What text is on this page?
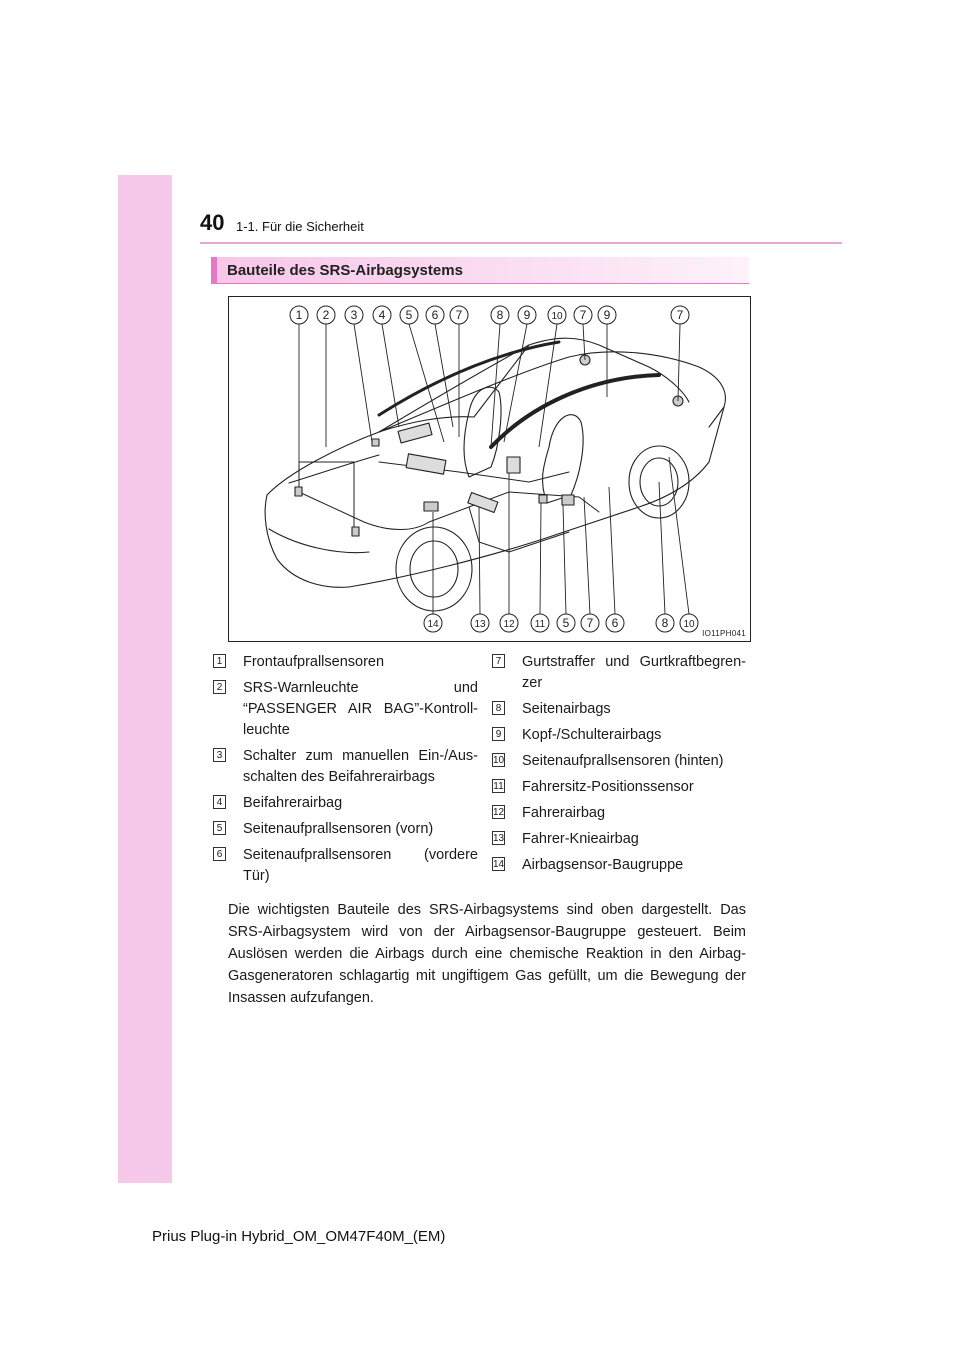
40 1-1. Für die Sicherheit
Bauteile des SRS-Airbagsystems
1 2 3 4 5 6 7	8 9 10 7 9	7
14	13 12 11 5 7 6	8 10
IO11PH041
1 Frontaufprallsensoren
2 SRS-Warnleuchte und “PASSENGER AIR BAG”-Kontroll-leuchte
3 Schalter zum manuellen Ein-/Aus-schalten des Beifahrerairbags
4 Beifahrerairbag
5 Seitenaufprallsensoren (vorn)
6 Seitenaufprallsensoren (vordere Tür)
7 Gurtstraffer und Gurtkraftbegren-zer
8 Seitenairbags
9 Kopf-/Schulterairbags
10 Seitenaufprallsensoren (hinten)
11 Fahrersitz-Positionssensor
12 Fahrerairbag
13 Fahrer-Knieairbag
14 Airbagsensor-Baugruppe
Die wichtigsten Bauteile des SRS-Airbagsystems sind oben dargestellt. Das SRS-Airbagsystem wird von der Airbagsensor-Baugruppe gesteuert. Beim Auslösen werden die Airbags durch eine chemische Reaktion in den Airbag-Gasgeneratoren schlagartig mit ungiftigem Gas gefüllt, um die Bewegung der Insassen aufzufangen.
Prius Plug-in Hybrid_OM_OM47F40M_(EM)
